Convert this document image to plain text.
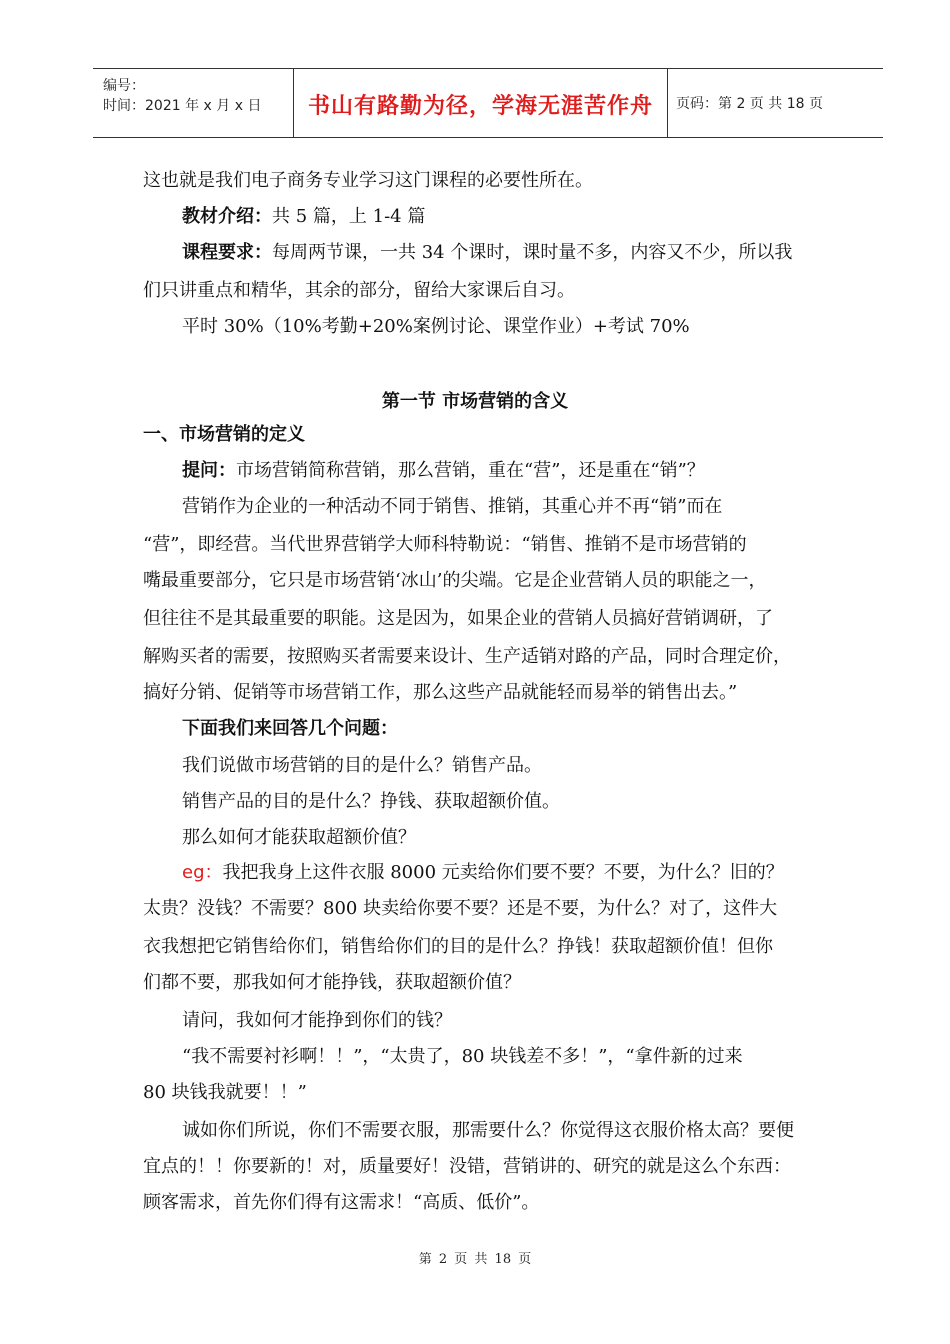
编号：
时间：2021 年 x 月 x 日	书山有路勤为径，学海无涯苦作舟	页码：第 2 页 共 18 页
这也就是我们电子商务专业学习这门课程的必要性所在。
教材介绍：共 5 篇，上 1-4 篇
课程要求：每周两节课，一共 34 个课时，课时量不多，内容又不少，所以我
们只讲重点和精华，其余的部分，留给大家课后自习。
平时 30%（10%考勤+20%案例讨论、课堂作业）+考试 70%
第一节 市场营销的含义
一、市场营销的定义
提问：市场营销简称营销，那么营销，重在“营”，还是重在“销”？
营销作为企业的一种活动不同于销售、推销，其重心并不再“销”而在
“营”，即经营。当代世界营销学大师科特勒说：“销售、推销不是市场营销的
嘴最重要部分，它只是市场营销‘冰山’的尖端。它是企业营销人员的职能之一，
但往往不是其最重要的职能。这是因为，如果企业的营销人员搞好营销调研，了
解购买者的需要，按照购买者需要来设计、生产适销对路的产品，同时合理定价，
搞好分销、促销等市场营销工作，那么这些产品就能轻而易举的销售出去。”
下面我们来回答几个问题：
我们说做市场营销的目的是什么？销售产品。
销售产品的目的是什么？挣钱、获取超额价值。
那么如何才能获取超额价值？
eg：我把我身上这件衣服 8000 元卖给你们要不要？不要，为什么？旧的？
太贵？没钱？不需要？800 块卖给你要不要？还是不要，为什么？对了，这件大
衣我想把它销售给你们，销售给你们的目的是什么？挣钱！获取超额价值！但你
们都不要，那我如何才能挣钱，获取超额价值？
请问，我如何才能挣到你们的钱？
“我不需要衬衫啊！！”，“太贵了，80 块钱差不多！”，“拿件新的过来
80 块钱我就要！！”
诚如你们所说，你们不需要衣服，那需要什么？你觉得这衣服价格太高？要便
宜点的！！你要新的！对，质量要好！没错，营销讲的、研究的就是这么个东西：
顾客需求，首先你们得有这需求！“高质、低价”。
第 2 页 共 18 页
